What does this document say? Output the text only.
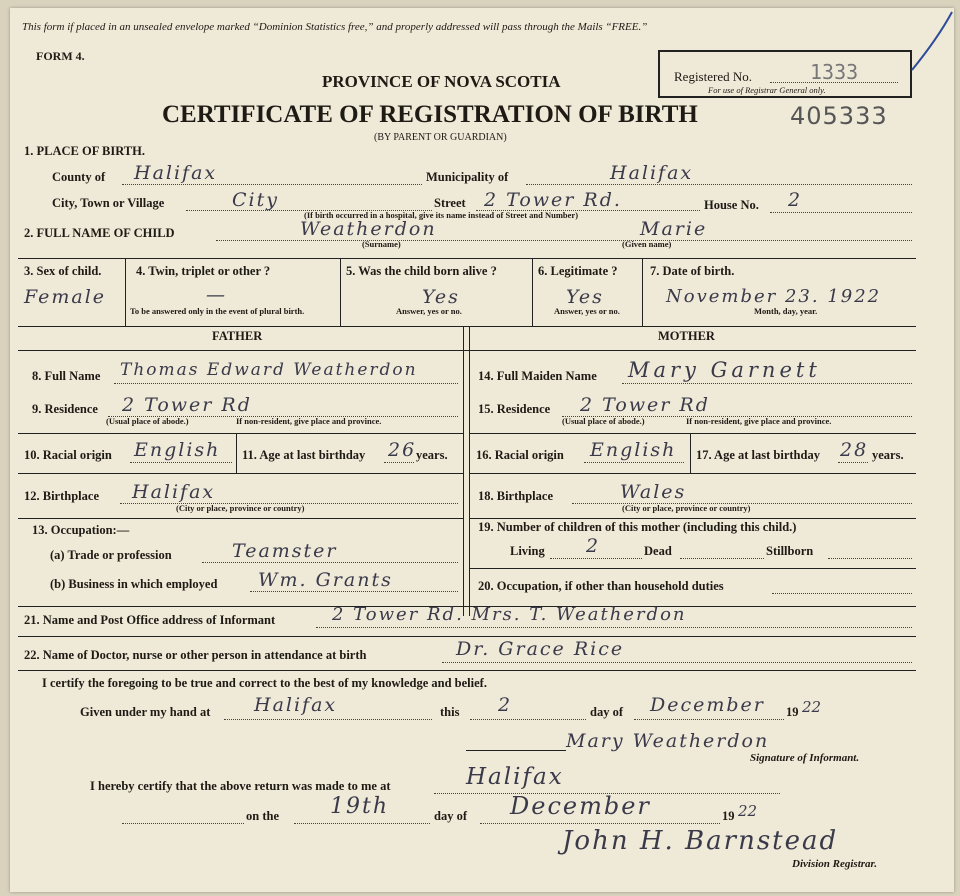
This form if placed in an unsealed envelope marked “Dominion Statistics free,” and properly addressed will pass through the Mails “FREE.”
FORM 4.
PROVINCE OF NOVA SCOTIA
CERTIFICATE OF REGISTRATION OF BIRTH
(BY PARENT OR GUARDIAN)
Registered No.	1333
For use of Registrar General only.
405333
1. PLACE OF BIRTH.
County of Halifax	Municipality of	Halifax
City, Town or Village	City	Street 2 Tower Rd.	House No. 2
(If birth occurred in a hospital, give its name instead of Street and Number)
2. FULL NAME OF CHILD	Weatherdon	Marie
(Surname)	(Given name)
3. Sex of child.
Female
4. Twin, triplet or other ?
—
To be answered only in the event of plural birth.
5. Was the child born alive ?
Yes
Answer, yes or no.
6. Legitimate ?
Yes
Answer, yes or no.
7. Date of birth.
November 23. 1922
Month, day, year.
FATHER	MOTHER
8. Full Name Thomas Edward Weatherdon
9. Residence 2 Tower Rd
(Usual place of abode.)	If non-resident, give place and province.
10. Racial origin English 11. Age at last birthday 26 years.
12. Birthplace Halifax
(City or place, province or country)
13. Occupation:—
(a) Trade or profession	Teamster
(b) Business in which employed Wm. Grants
14. Full Maiden Name Mary Garnett
15. Residence 2 Tower Rd
(Usual place of abode.)	If non-resident, give place and province.
16. Racial origin English 17. Age at last birthday 28 years.
18. Birthplace	Wales
(City or place, province or country)
19. Number of children of this mother (including this child.)
Living 2	Dead	Stillborn
20. Occupation, if other than household duties
21. Name and Post Office address of Informant	2 Tower Rd. Mrs. T. Weatherdon
22. Name of Doctor, nurse or other person in attendance at birth	Dr. Grace Rice
I certify the foregoing to be true and correct to the best of my knowledge and belief.
Given under my hand at Halifax	this 2	day of December 19 22
Mary Weatherdon
Signature of Informant.
I hereby certify that the above return was made to me at	Halifax
on the 19th	day of December	19 22
John H. Barnstead
Division Registrar.
